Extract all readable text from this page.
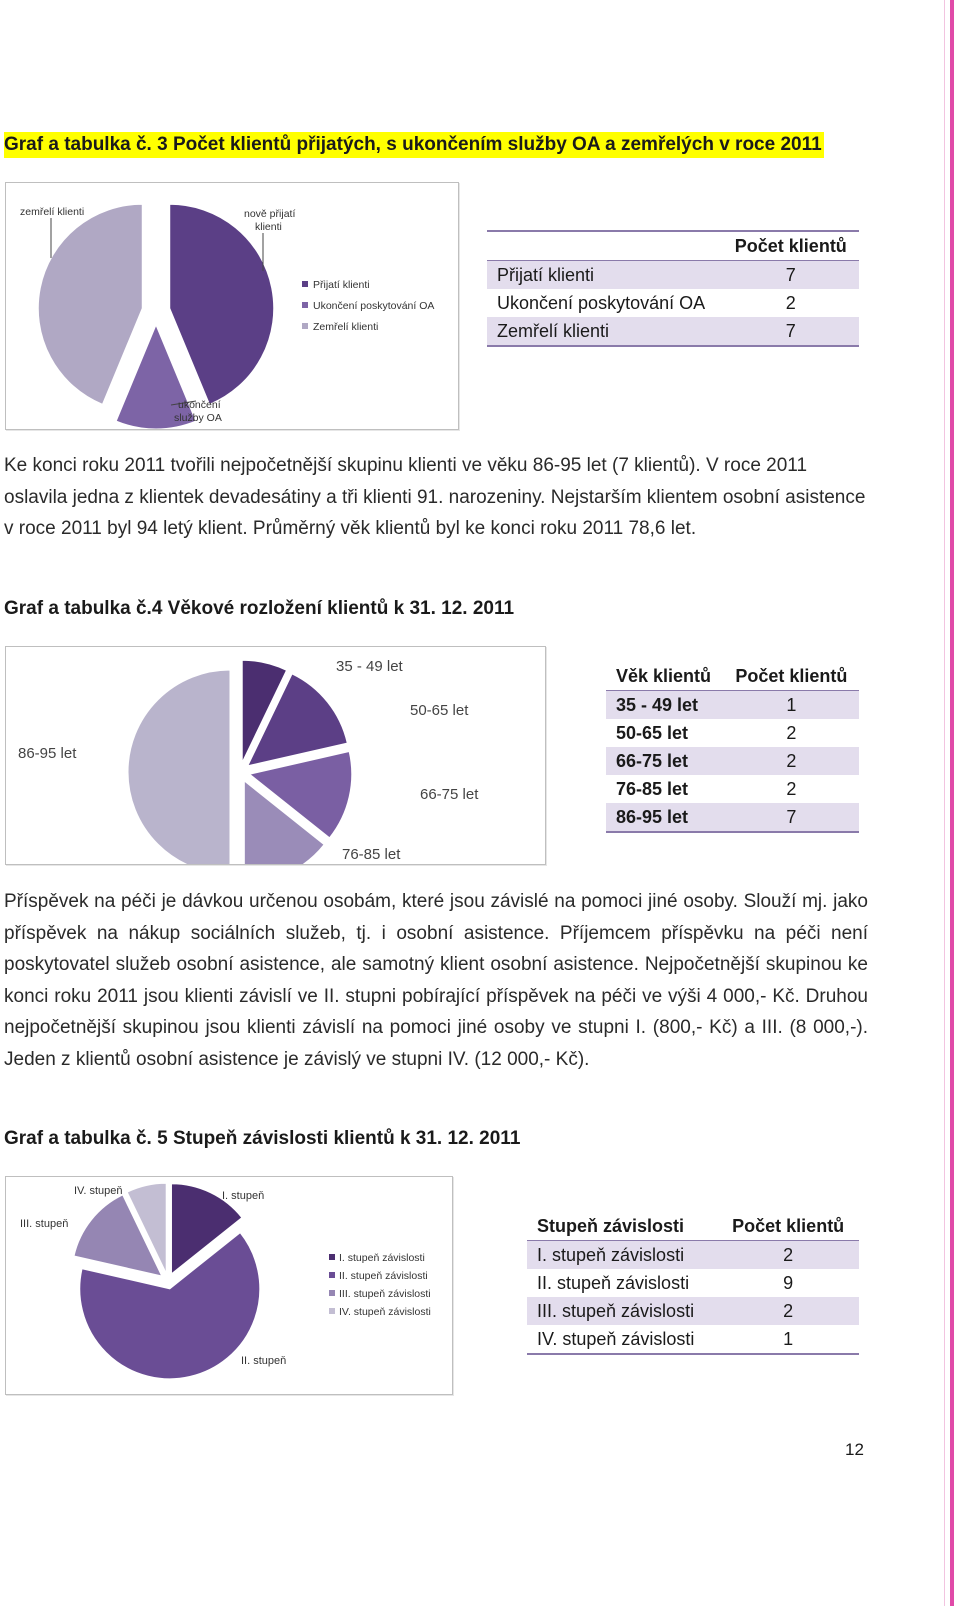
Graf a tabulka č. 3 Počet klientů přijatých, s ukončením služby OA a zemřelých v roce 2011
zemřelí klienti	nově přijatí
klienti
ukončení
služby OA
Přijatí klienti
Ukončení poskytování OA
Zemřelí klienti
	Počet klientů
Přijatí klienti	7
Ukončení poskytování OA	2
Zemřelí klienti	7
Ke konci roku 2011 tvořili nejpočetnější skupinu klienti ve věku 86-95 let (7 klientů). V roce 2011 oslavila jedna z klientek devadesátiny a tři klienti 91. narozeniny. Nejstarším klientem osobní asistence v roce 2011 byl 94 letý klient. Průměrný věk klientů byl ke konci roku 2011 78,6 let.
Graf a tabulka č.4 Věkové rozložení klientů k 31. 12. 2011
35 - 49 let
50-65 let
66-75 let
76-85 let
86-95 let
Věk klientů	Počet klientů
35 - 49 let	1
50-65 let	2
66-75 let	2
76-85 let	2
86-95 let	7
Příspěvek na péči je dávkou určenou osobám, které jsou závislé na pomoci jiné osoby. Slouží mj. jako příspěvek na nákup sociálních služeb, tj. i osobní asistence. Příjemcem příspěvku na péči není poskytovatel služeb osobní asistence, ale samotný klient osobní asistence. Nejpočetnější skupinou ke konci roku 2011 jsou klienti závislí ve II. stupni pobírající příspěvek na péči ve výši 4 000,- Kč. Druhou nejpočetnější skupinou jsou klienti závislí na pomoci jiné osoby ve stupni I. (800,- Kč) a III. (8 000,-). Jeden z klientů osobní asistence je závislý ve stupni IV. (12 000,- Kč).
Graf a tabulka č. 5 Stupeň závislosti klientů k 31. 12. 2011
IV. stupeň	I. stupeň
III. stupeň
II. stupeň
I. stupeň závislosti
II. stupeň závislosti
III. stupeň závislosti
IV. stupeň závislosti
Stupeň závislosti	Počet klientů
I. stupeň závislosti	2
II. stupeň závislosti	9
III. stupeň závislosti	2
IV. stupeň závislosti	1
12
